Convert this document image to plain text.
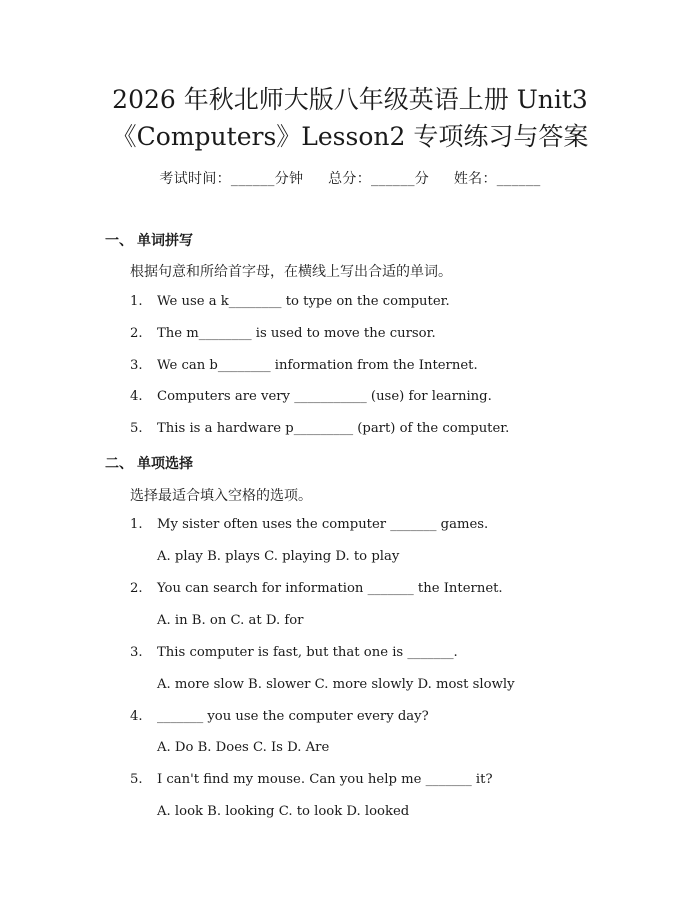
2026 年秋北师大版八年级英语上册 Unit3
《Computers》Lesson2 专项练习与答案
考试时间：______分钟 总分：______分 姓名：______
一、 单词拼写
根据句意和所给首字母，在横线上写出合适的单词。
1. We use a k________ to type on the computer.
2. The m________ is used to move the cursor.
3. We can b________ information from the Internet.
4. Computers are very ___________ (use) for learning.
5. This is a hardware p_________ (part) of the computer.
二、 单项选择
选择最适合填入空格的选项。
1. My sister often uses the computer _______ games.
A. play B. plays C. playing D. to play
2. You can search for information _______ the Internet.
A. in B. on C. at D. for
3. This computer is fast, but that one is _______.
A. more slow B. slower C. more slowly D. most slowly
4. _______ you use the computer every day?
A. Do B. Does C. Is D. Are
5. I can't find my mouse. Can you help me _______ it?
A. look B. looking C. to look D. looked
